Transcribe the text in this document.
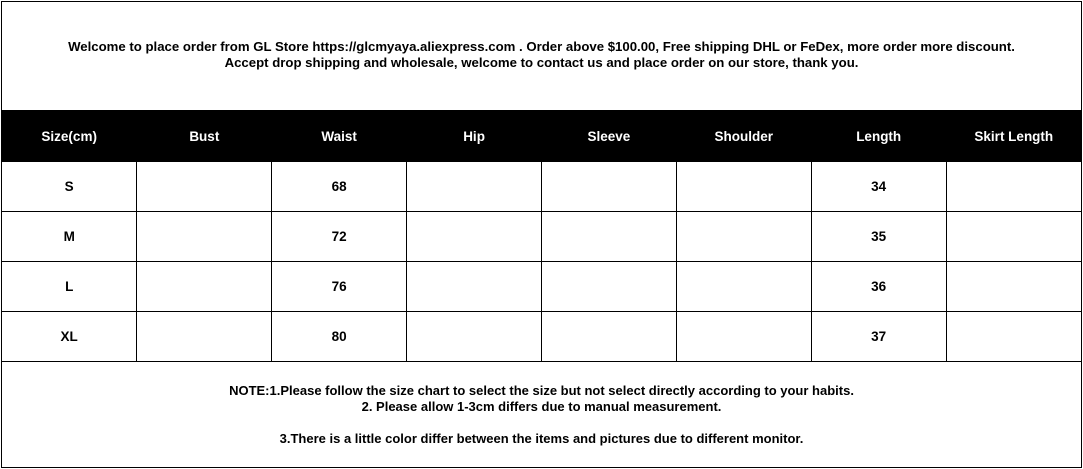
Welcome to place order from GL Store https://glcmyaya.aliexpress.com . Order above $100.00, Free shipping DHL or FeDex, more order more discount.
Accept drop shipping and wholesale, welcome to contact us and place order on our store, thank you.
Size(cm)	Bust	Waist	Hip	Sleeve	Shoulder	Length	Skirt Length
S		68				34	
M		72				35	
L		76				36	
XL		80				37	
NOTE:1.Please follow the size chart to select the size but not select directly according to your habits.
2. Please allow 1-3cm differs due to manual measurement.
3.There is a little color differ between the items and pictures due to different monitor.
